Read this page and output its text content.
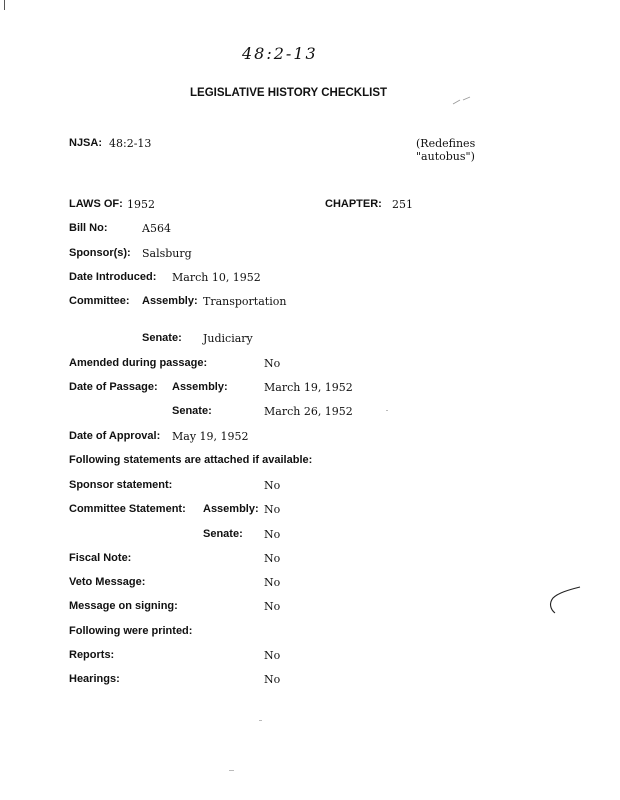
48:2-13
LEGISLATIVE HISTORY CHECKLIST
NJSA: 48:2-13	(Redefines
"autobus")
LAWS OF: 1952	CHAPTER: 251
Bill No:	A564
Sponsor(s): Salsburg
Date Introduced: March 10, 1952
Committee: Assembly: Transportation
Senate: Judiciary
Amended during passage:	No
Date of Passage: Assembly:	March 19, 1952
Senate:	March 26, 1952
Date of Approval: May 19, 1952
Following statements are attached if available:
Sponsor statement:	No
Committee Statement: Assembly: No
Senate: No
Fiscal Note:	No
Veto Message:	No
Message on signing:	No
Following were printed:
Reports:	No
Hearings:	No
